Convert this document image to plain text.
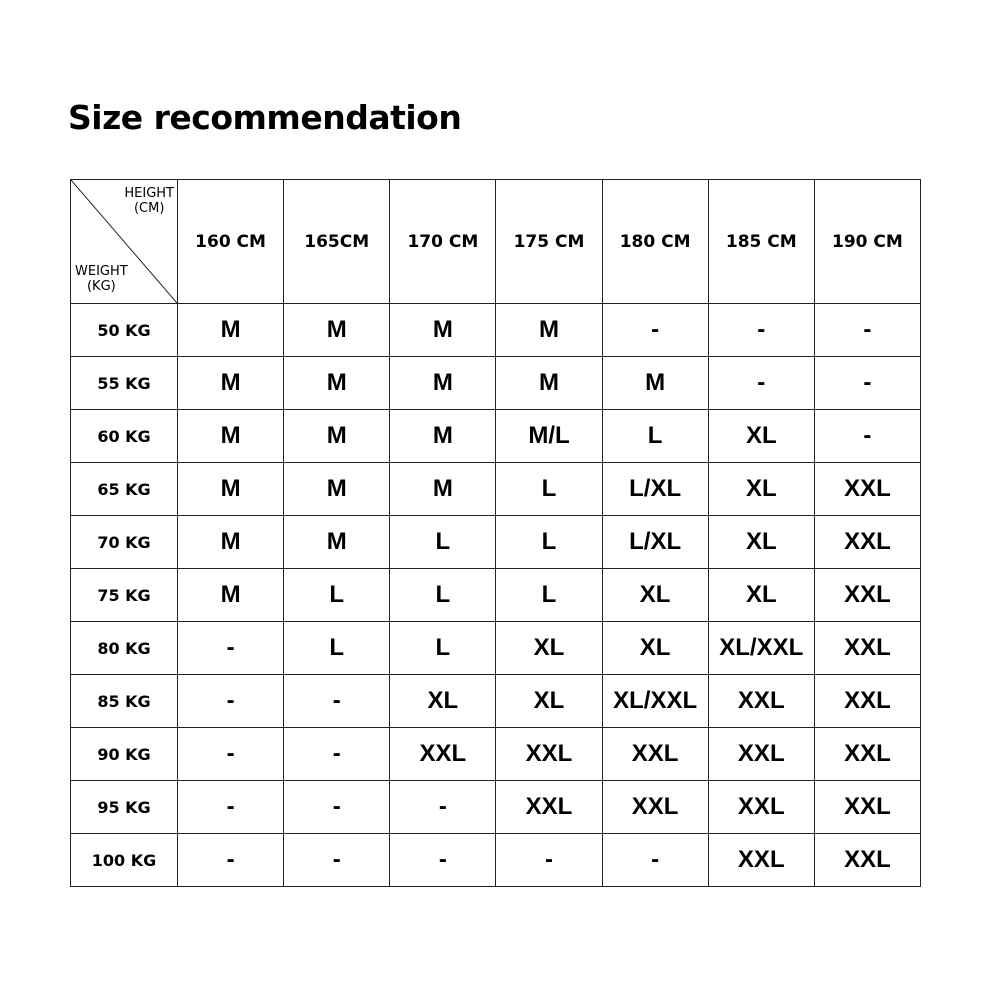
Size recommendation
HEIGHT
(CM)
WEIGHT
(KG)	160 CM	165CM	170 CM	175 CM	180 CM	185 CM	190 CM
50 KG	M	M	M	M	-	-	-
55 KG	M	M	M	M	M	-	-
60 KG	M	M	M	M/L	L	XL	-
65 KG	M	M	M	L	L/XL	XL	XXL
70 KG	M	M	L	L	L/XL	XL	XXL
75 KG	M	L	L	L	XL	XL	XXL
80 KG	-	L	L	XL	XL	XL/XXL	XXL
85 KG	-	-	XL	XL	XL/XXL	XXL	XXL
90 KG	-	-	XXL	XXL	XXL	XXL	XXL
95 KG	-	-	-	XXL	XXL	XXL	XXL
100 KG	-	-	-	-	-	XXL	XXL
